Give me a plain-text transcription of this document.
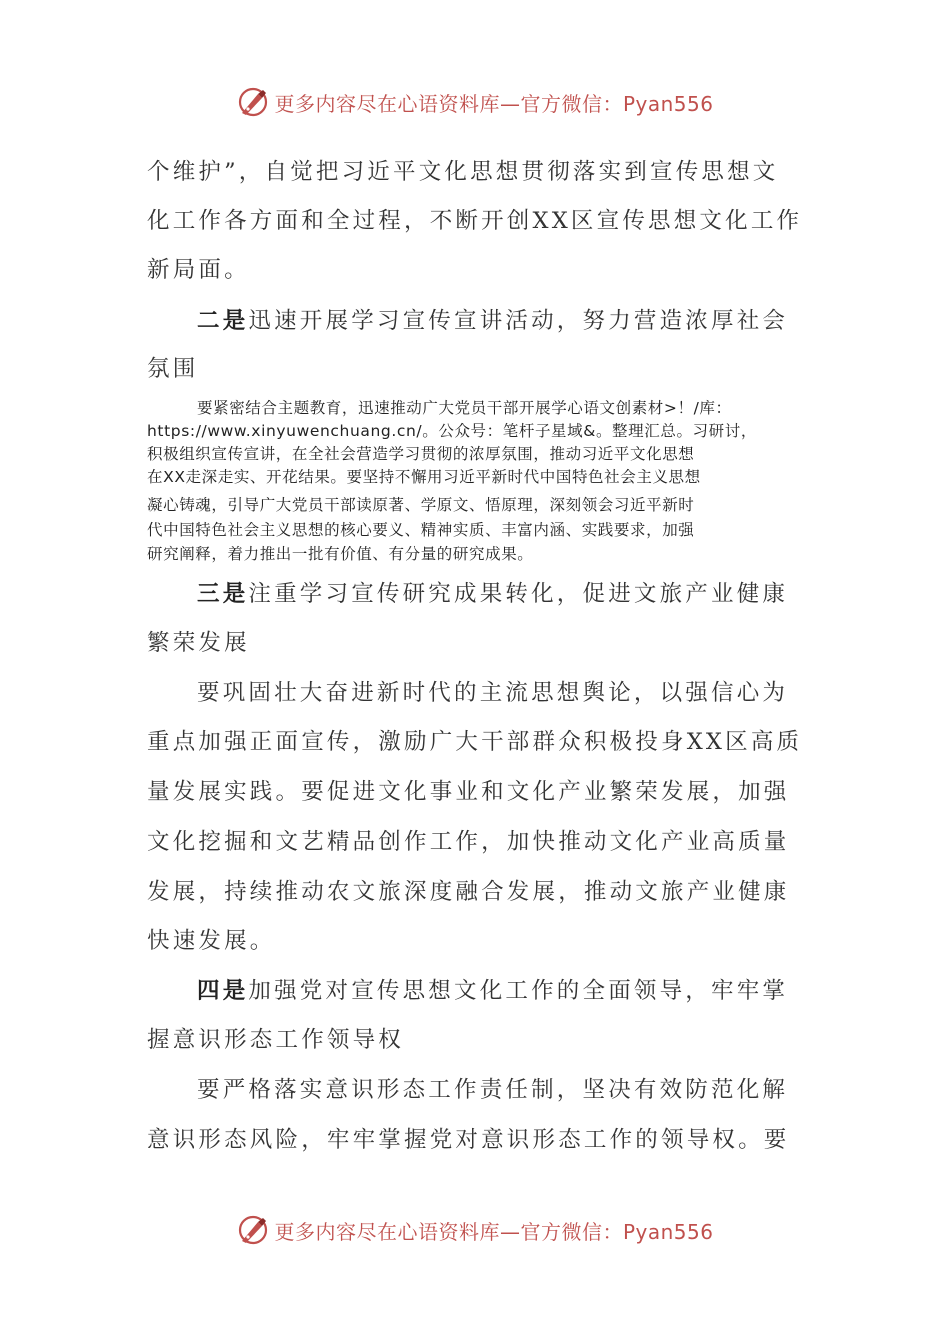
更多内容尽在心语资料库—官方微信：Pyan556
个维护”，自觉把习近平文化思想贯彻落实到宣传思想文
化工作各方面和全过程，不断开创XX区宣传思想文化工作
新局面。
二是迅速开展学习宣传宣讲活动，努力营造浓厚社会
氛围
要紧密结合主题教育，迅速推动广大党员干部开展学心语文创素材>！/库：
https://www.xinyuwenchuang.cn/。公众号：笔杆子星域&。整理汇总。习研讨，
积极组织宣传宣讲，在全社会营造学习贯彻的浓厚氛围，推动习近平文化思想
在XX走深走实、开花结果。要坚持不懈用习近平新时代中国特色社会主义思想
凝心铸魂，引导广大党员干部读原著、学原文、悟原理，深刻领会习近平新时
代中国特色社会主义思想的核心要义、精神实质、丰富内涵、实践要求，加强
研究阐释，着力推出一批有价值、有分量的研究成果。
三是注重学习宣传研究成果转化，促进文旅产业健康
繁荣发展
要巩固壮大奋进新时代的主流思想舆论，以强信心为
重点加强正面宣传，激励广大干部群众积极投身XX区高质
量发展实践。要促进文化事业和文化产业繁荣发展，加强
文化挖掘和文艺精品创作工作，加快推动文化产业高质量
发展，持续推动农文旅深度融合发展，推动文旅产业健康
快速发展。
四是加强党对宣传思想文化工作的全面领导，牢牢掌
握意识形态工作领导权
要严格落实意识形态工作责任制，坚决有效防范化解
意识形态风险，牢牢掌握党对意识形态工作的领导权。要
更多内容尽在心语资料库—官方微信：Pyan556
